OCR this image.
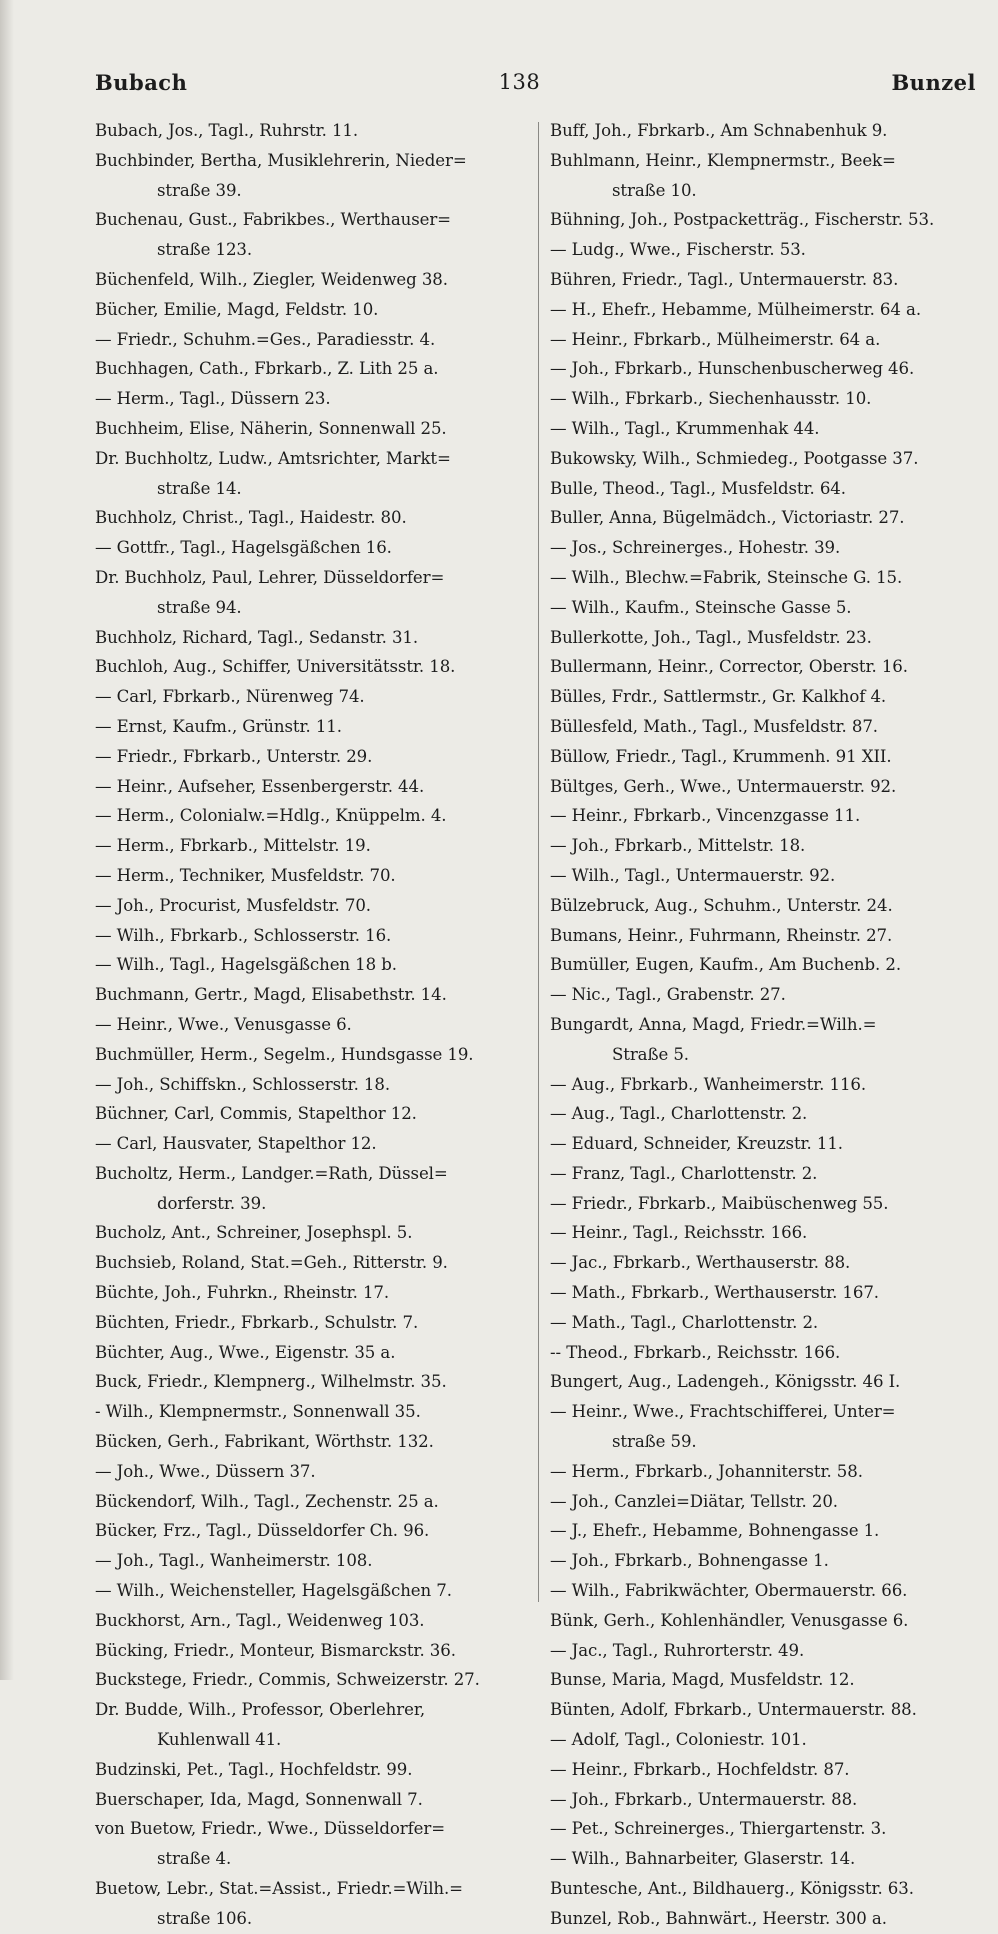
Bubach	138	Bunzel
Bubach, Jos., Tagl., Ruhrstr. 11.
Buchbinder, Bertha, Musiklehrerin, Nieder=
straße 39.
Buchenau, Gust., Fabrikbes., Werthauser=
straße 123.
Büchenfeld, Wilh., Ziegler, Weidenweg 38.
Bücher, Emilie, Magd, Feldstr. 10.
— Friedr., Schuhm.=Ges., Paradiesstr. 4.
Buchhagen, Cath., Fbrkarb., Z. Lith 25 a.
— Herm., Tagl., Düssern 23.
Buchheim, Elise, Näherin, Sonnenwall 25.
Dr. Buchholtz, Ludw., Amtsrichter, Markt=
straße 14.
Buchholz, Christ., Tagl., Haidestr. 80.
— Gottfr., Tagl., Hagelsgäßchen 16.
Dr. Buchholz, Paul, Lehrer, Düsseldorfer=
straße 94.
Buchholz, Richard, Tagl., Sedanstr. 31.
Buchloh, Aug., Schiffer, Universitätsstr. 18.
— Carl, Fbrkarb., Nürenweg 74.
— Ernst, Kaufm., Grünstr. 11.
— Friedr., Fbrkarb., Unterstr. 29.
— Heinr., Aufseher, Essenbergerstr. 44.
— Herm., Colonialw.=Hdlg., Knüppelm. 4.
— Herm., Fbrkarb., Mittelstr. 19.
— Herm., Techniker, Musfeldstr. 70.
— Joh., Procurist, Musfeldstr. 70.
— Wilh., Fbrkarb., Schlosserstr. 16.
— Wilh., Tagl., Hagelsgäßchen 18 b.
Buchmann, Gertr., Magd, Elisabethstr. 14.
— Heinr., Wwe., Venusgasse 6.
Buchmüller, Herm., Segelm., Hundsgasse 19.
— Joh., Schiffskn., Schlosserstr. 18.
Büchner, Carl, Commis, Stapelthor 12.
— Carl, Hausvater, Stapelthor 12.
Bucholtz, Herm., Landger.=Rath, Düssel=
dorferstr. 39.
Bucholz, Ant., Schreiner, Josephspl. 5.
Buchsieb, Roland, Stat.=Geh., Ritterstr. 9.
Büchte, Joh., Fuhrkn., Rheinstr. 17.
Büchten, Friedr., Fbrkarb., Schulstr. 7.
Büchter, Aug., Wwe., Eigenstr. 35 a.
Buck, Friedr., Klempnerg., Wilhelmstr. 35.
- Wilh., Klempnermstr., Sonnenwall 35.
Bücken, Gerh., Fabrikant, Wörthstr. 132.
— Joh., Wwe., Düssern 37.
Bückendorf, Wilh., Tagl., Zechenstr. 25 a.
Bücker, Frz., Tagl., Düsseldorfer Ch. 96.
— Joh., Tagl., Wanheimerstr. 108.
— Wilh., Weichensteller, Hagelsgäßchen 7.
Buckhorst, Arn., Tagl., Weidenweg 103.
Bücking, Friedr., Monteur, Bismarckstr. 36.
Buckstege, Friedr., Commis, Schweizerstr. 27.
Dr. Budde, Wilh., Professor, Oberlehrer,
Kuhlenwall 41.
Budzinski, Pet., Tagl., Hochfeldstr. 99.
Buerschaper, Ida, Magd, Sonnenwall 7.
von Buetow, Friedr., Wwe., Düsseldorfer=
straße 4.
Buetow, Lebr., Stat.=Assist., Friedr.=Wilh.=
straße 106.
Buff, Joh., Fbrkarb., Am Schnabenhuk 9.
Buhlmann, Heinr., Klempnermstr., Beek=
straße 10.
Bühning, Joh., Postpacketträg., Fischerstr. 53.
— Ludg., Wwe., Fischerstr. 53.
Bühren, Friedr., Tagl., Untermauerstr. 83.
— H., Ehefr., Hebamme, Mülheimerstr. 64 a.
— Heinr., Fbrkarb., Mülheimerstr. 64 a.
— Joh., Fbrkarb., Hunschenbuscherweg 46.
— Wilh., Fbrkarb., Siechenhausstr. 10.
— Wilh., Tagl., Krummenhak 44.
Bukowsky, Wilh., Schmiedeg., Pootgasse 37.
Bulle, Theod., Tagl., Musfeldstr. 64.
Buller, Anna, Bügelmädch., Victoriastr. 27.
— Jos., Schreinerges., Hohestr. 39.
— Wilh., Blechw.=Fabrik, Steinsche G. 15.
— Wilh., Kaufm., Steinsche Gasse 5.
Bullerkotte, Joh., Tagl., Musfeldstr. 23.
Bullermann, Heinr., Corrector, Oberstr. 16.
Bülles, Frdr., Sattlermstr., Gr. Kalkhof 4.
Büllesfeld, Math., Tagl., Musfeldstr. 87.
Büllow, Friedr., Tagl., Krummenh. 91 XII.
Bültges, Gerh., Wwe., Untermauerstr. 92.
— Heinr., Fbrkarb., Vincenzgasse 11.
— Joh., Fbrkarb., Mittelstr. 18.
— Wilh., Tagl., Untermauerstr. 92.
Bülzebruck, Aug., Schuhm., Unterstr. 24.
Bumans, Heinr., Fuhrmann, Rheinstr. 27.
Bumüller, Eugen, Kaufm., Am Buchenb. 2.
— Nic., Tagl., Grabenstr. 27.
Bungardt, Anna, Magd, Friedr.=Wilh.=
Straße 5.
— Aug., Fbrkarb., Wanheimerstr. 116.
— Aug., Tagl., Charlottenstr. 2.
— Eduard, Schneider, Kreuzstr. 11.
— Franz, Tagl., Charlottenstr. 2.
— Friedr., Fbrkarb., Maibüschenweg 55.
— Heinr., Tagl., Reichsstr. 166.
— Jac., Fbrkarb., Werthauserstr. 88.
— Math., Fbrkarb., Werthauserstr. 167.
— Math., Tagl., Charlottenstr. 2.
-- Theod., Fbrkarb., Reichsstr. 166.
Bungert, Aug., Ladengeh., Königsstr. 46 I.
— Heinr., Wwe., Frachtschifferei, Unter=
straße 59.
— Herm., Fbrkarb., Johanniterstr. 58.
— Joh., Canzlei=Diätar, Tellstr. 20.
— J., Ehefr., Hebamme, Bohnengasse 1.
— Joh., Fbrkarb., Bohnengasse 1.
— Wilh., Fabrikwächter, Obermauerstr. 66.
Bünk, Gerh., Kohlenhändler, Venusgasse 6.
— Jac., Tagl., Ruhrorterstr. 49.
Bunse, Maria, Magd, Musfeldstr. 12.
Bünten, Adolf, Fbrkarb., Untermauerstr. 88.
— Adolf, Tagl., Coloniestr. 101.
— Heinr., Fbrkarb., Hochfeldstr. 87.
— Joh., Fbrkarb., Untermauerstr. 88.
— Pet., Schreinerges., Thiergartenstr. 3.
— Wilh., Bahnarbeiter, Glaserstr. 14.
Buntesche, Ant., Bildhauerg., Königsstr. 63.
Bunzel, Rob., Bahnwärt., Heerstr. 300 a.
